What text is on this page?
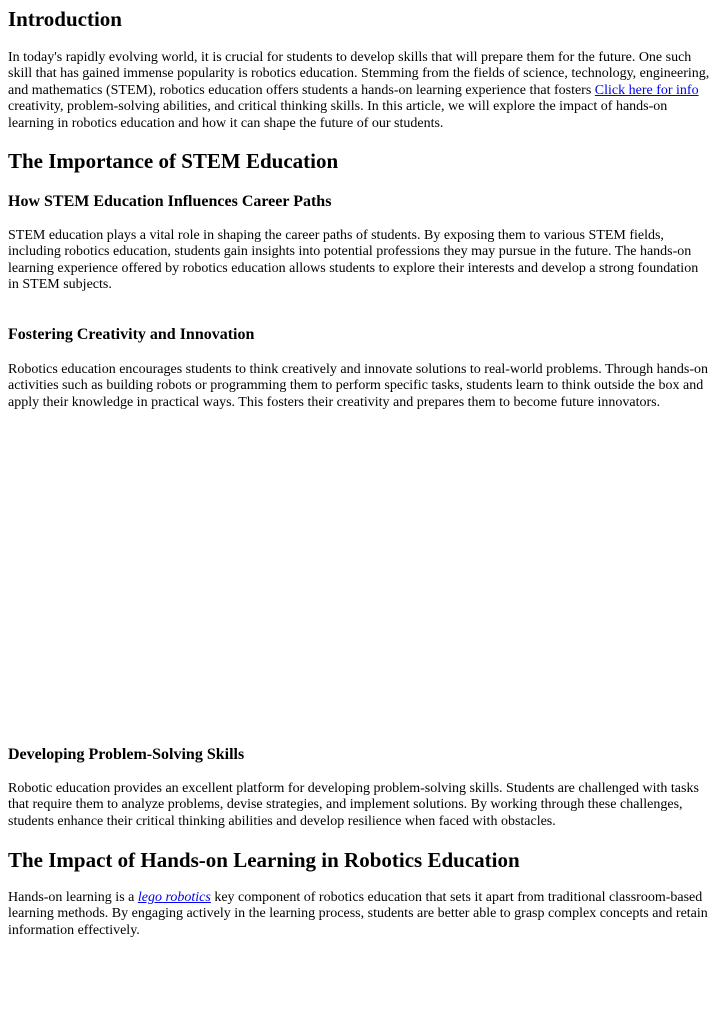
Introduction

In today's rapidly evolving world, it is crucial for students to develop skills that will prepare them for the future. One such skill that has gained immense popularity is robotics education. Stemming from the fields of science, technology, engineering, and mathematics (STEM), robotics education offers students a hands-on learning experience that fosters Click here for info creativity, problem-solving abilities, and critical thinking skills. In this article, we will explore the impact of hands-on learning in robotics education and how it can shape the future of our students.

The Importance of STEM Education
How STEM Education Influences Career Paths

STEM education plays a vital role in shaping the career paths of students. By exposing them to various STEM fields, including robotics education, students gain insights into potential professions they may pursue in the future. The hands-on learning experience offered by robotics education allows students to explore their interests and develop a strong foundation in STEM subjects.

Fostering Creativity and Innovation

Robotics education encourages students to think creatively and innovate solutions to real-world problems. Through hands-on activities such as building robots or programming them to perform specific tasks, students learn to think outside the box and apply their knowledge in practical ways. This fosters their creativity and prepares them to become future innovators.

Developing Problem-Solving Skills

Robotic education provides an excellent platform for developing problem-solving skills. Students are challenged with tasks that require them to analyze problems, devise strategies, and implement solutions. By working through these challenges, students enhance their critical thinking abilities and develop resilience when faced with obstacles.

The Impact of Hands-on Learning in Robotics Education

Hands-on learning is a lego robotics key component of robotics education that sets it apart from traditional classroom-based learning methods. By engaging actively in the learning process, students are better able to grasp complex concepts and retain information effectively.
